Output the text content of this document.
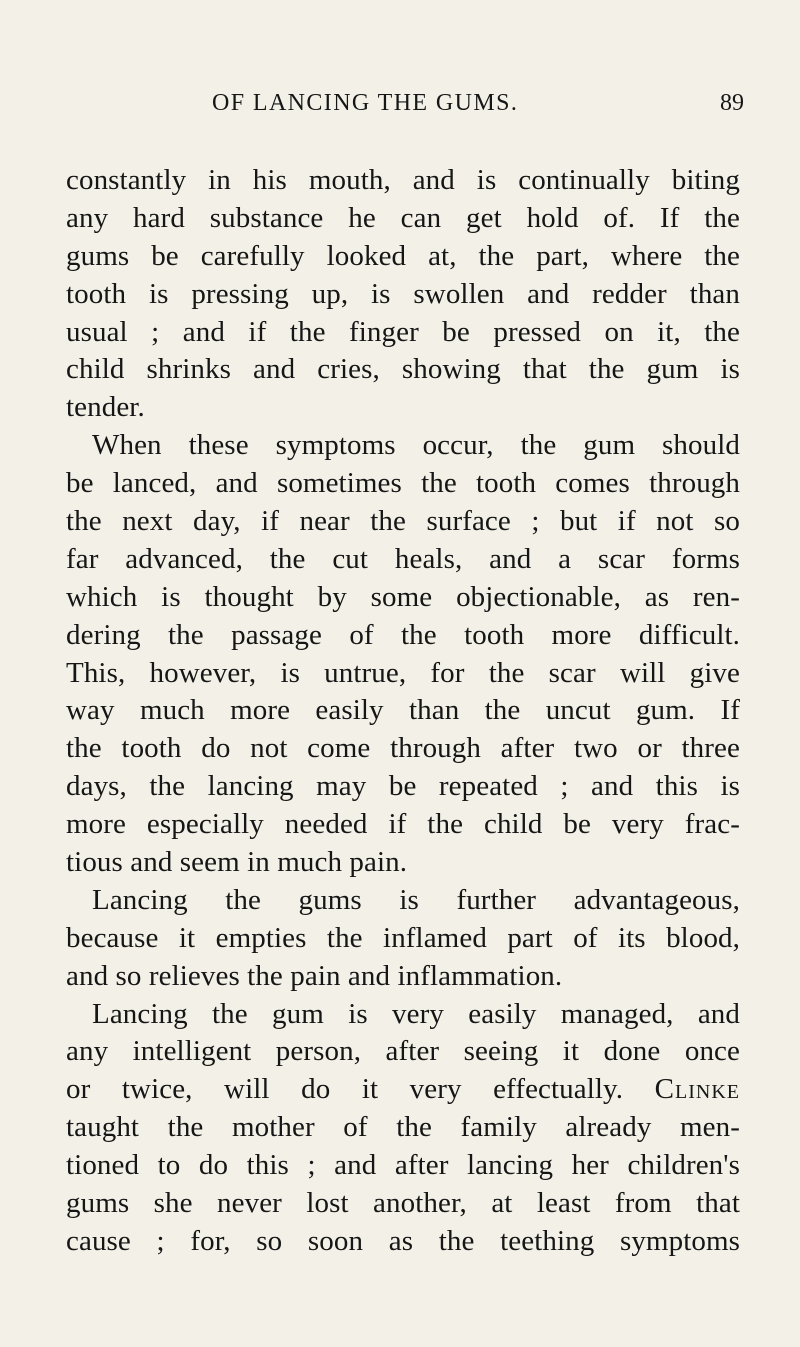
OF LANCING THE GUMS.	89
constantly in his mouth, and is continually biting
any hard substance he can get hold of. If the
gums be carefully looked at, the part, where the
tooth is pressing up, is swollen and redder than
usual ; and if the finger be pressed on it, the
child shrinks and cries, showing that the gum is
tender.
When these symptoms occur, the gum should
be lanced, and sometimes the tooth comes through
the next day, if near the surface ; but if not so
far advanced, the cut heals, and a scar forms
which is thought by some objectionable, as ren-
dering the passage of the tooth more difficult.
This, however, is untrue, for the scar will give
way much more easily than the uncut gum. If
the tooth do not come through after two or three
days, the lancing may be repeated ; and this is
more especially needed if the child be very frac-
tious and seem in much pain.
Lancing the gums is further advantageous,
because it empties the inflamed part of its blood,
and so relieves the pain and inflammation.
Lancing the gum is very easily managed, and
any intelligent person, after seeing it done once
or twice, will do it very effectually. Clinke
taught the mother of the family already men-
tioned to do this ; and after lancing her children's
gums she never lost another, at least from that
cause ; for, so soon as the teething symptoms
